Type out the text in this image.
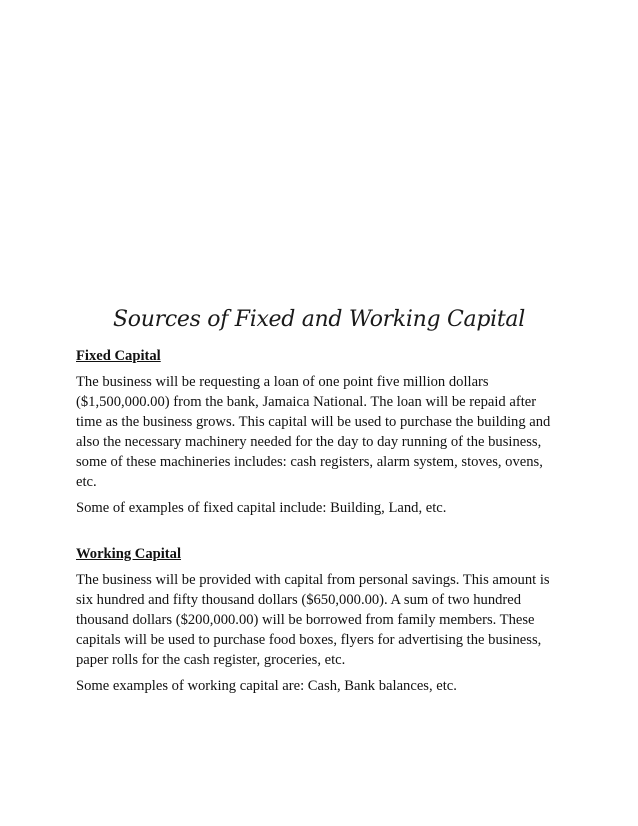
Sources of Fixed and Working Capital
Fixed Capital

The business will be requesting a loan of one point five million dollars ($1,500,000.00) from the bank, Jamaica National. The loan will be repaid after time as the business grows. This capital will be used to purchase the building and also the necessary machinery needed for the day to day running of the business, some of these machineries includes: cash registers, alarm system, stoves, ovens, etc.

Some of examples of fixed capital include: Building, Land, etc.

Working Capital

The business will be provided with capital from personal savings. This amount is six hundred and fifty thousand dollars ($650,000.00). A sum of two hundred thousand dollars ($200,000.00) will be borrowed from family members. These capitals will be used to purchase food boxes, flyers for advertising the business, paper rolls for the cash register, groceries, etc.

Some examples of working capital are: Cash, Bank balances, etc.
